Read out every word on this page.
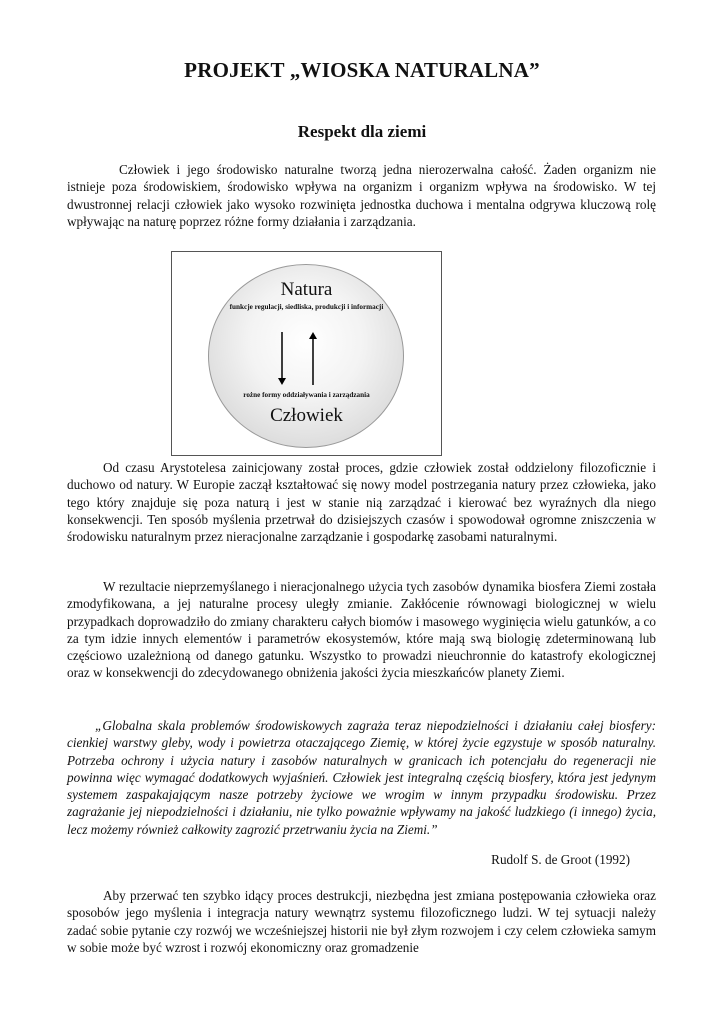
PROJEKT „WIOSKA NATURALNA”
Respekt dla ziemi

Człowiek i jego środowisko naturalne tworzą jedna nierozerwalna całość. Żaden organizm nie istnieje poza środowiskiem, środowisko wpływa na organizm i organizm wpływa na środowisko. W tej dwustronnej relacji człowiek jako wysoko rozwinięta jednostka duchowa i mentalna odgrywa kluczową rolę wpływając na naturę poprzez różne formy działania i zarządzania.

Natura
funkcje regulacji, siedliska, produkcji i informacji
rożne formy oddziaływania i zarządzania
Człowiek

Od czasu Arystotelesa zainicjowany został proces, gdzie człowiek został oddzielony filozoficznie i duchowo od natury. W Europie zaczął kształtować się nowy model postrzegania natury przez człowieka, jako tego który znajduje się poza naturą i jest w stanie nią zarządzać i kierować bez wyraźnych dla niego konsekwencji. Ten sposób myślenia przetrwał do dzisiejszych czasów i spowodował ogromne zniszczenia w środowisku naturalnym przez nieracjonalne zarządzanie i gospodarkę zasobami naturalnymi.

W rezultacie nieprzemyślanego i nieracjonalnego użycia tych zasobów dynamika biosfera Ziemi została zmodyfikowana, a jej naturalne procesy uległy zmianie. Zakłócenie równowagi biologicznej w wielu przypadkach doprowadziło do zmiany charakteru całych biomów i masowego wyginięcia wielu gatunków, a co za tym idzie innych elementów i parametrów ekosystemów, które mają swą biologię zdeterminowaną lub częściowo uzależnioną od danego gatunku. Wszystko to prowadzi nieuchronnie do katastrofy ekologicznej oraz w konsekwencji do zdecydowanego obniżenia jakości życia mieszkańców planety Ziemi.

„Globalna skala problemów środowiskowych zagraża teraz niepodzielności i działaniu całej biosfery: cienkiej warstwy gleby, wody i powietrza otaczającego Ziemię, w której życie egzystuje w sposób naturalny. Potrzeba ochrony i użycia natury i zasobów naturalnych w granicach ich potencjału do regeneracji nie powinna więc wymagać dodatkowych wyjaśnień. Człowiek jest integralną częścią biosfery, która jest jedynym systemem zaspakajającym nasze potrzeby życiowe we wrogim w innym przypadku środowisku. Przez zagrażanie jej niepodzielności i działaniu, nie tylko poważnie wpływamy na jakość ludzkiego (i innego) życia, lecz możemy również całkowity zagrozić przetrwaniu życia na Ziemi.”

Rudolf S. de Groot (1992)

Aby przerwać ten szybko idący proces destrukcji, niezbędna jest zmiana postępowania człowieka oraz sposobów jego myślenia i integracja natury wewnątrz systemu filozoficznego ludzi. W tej sytuacji należy zadać sobie pytanie czy rozwój we wcześniejszej historii nie był złym rozwojem i czy celem człowieka samym w sobie może być wzrost i rozwój ekonomiczny oraz gromadzenie
